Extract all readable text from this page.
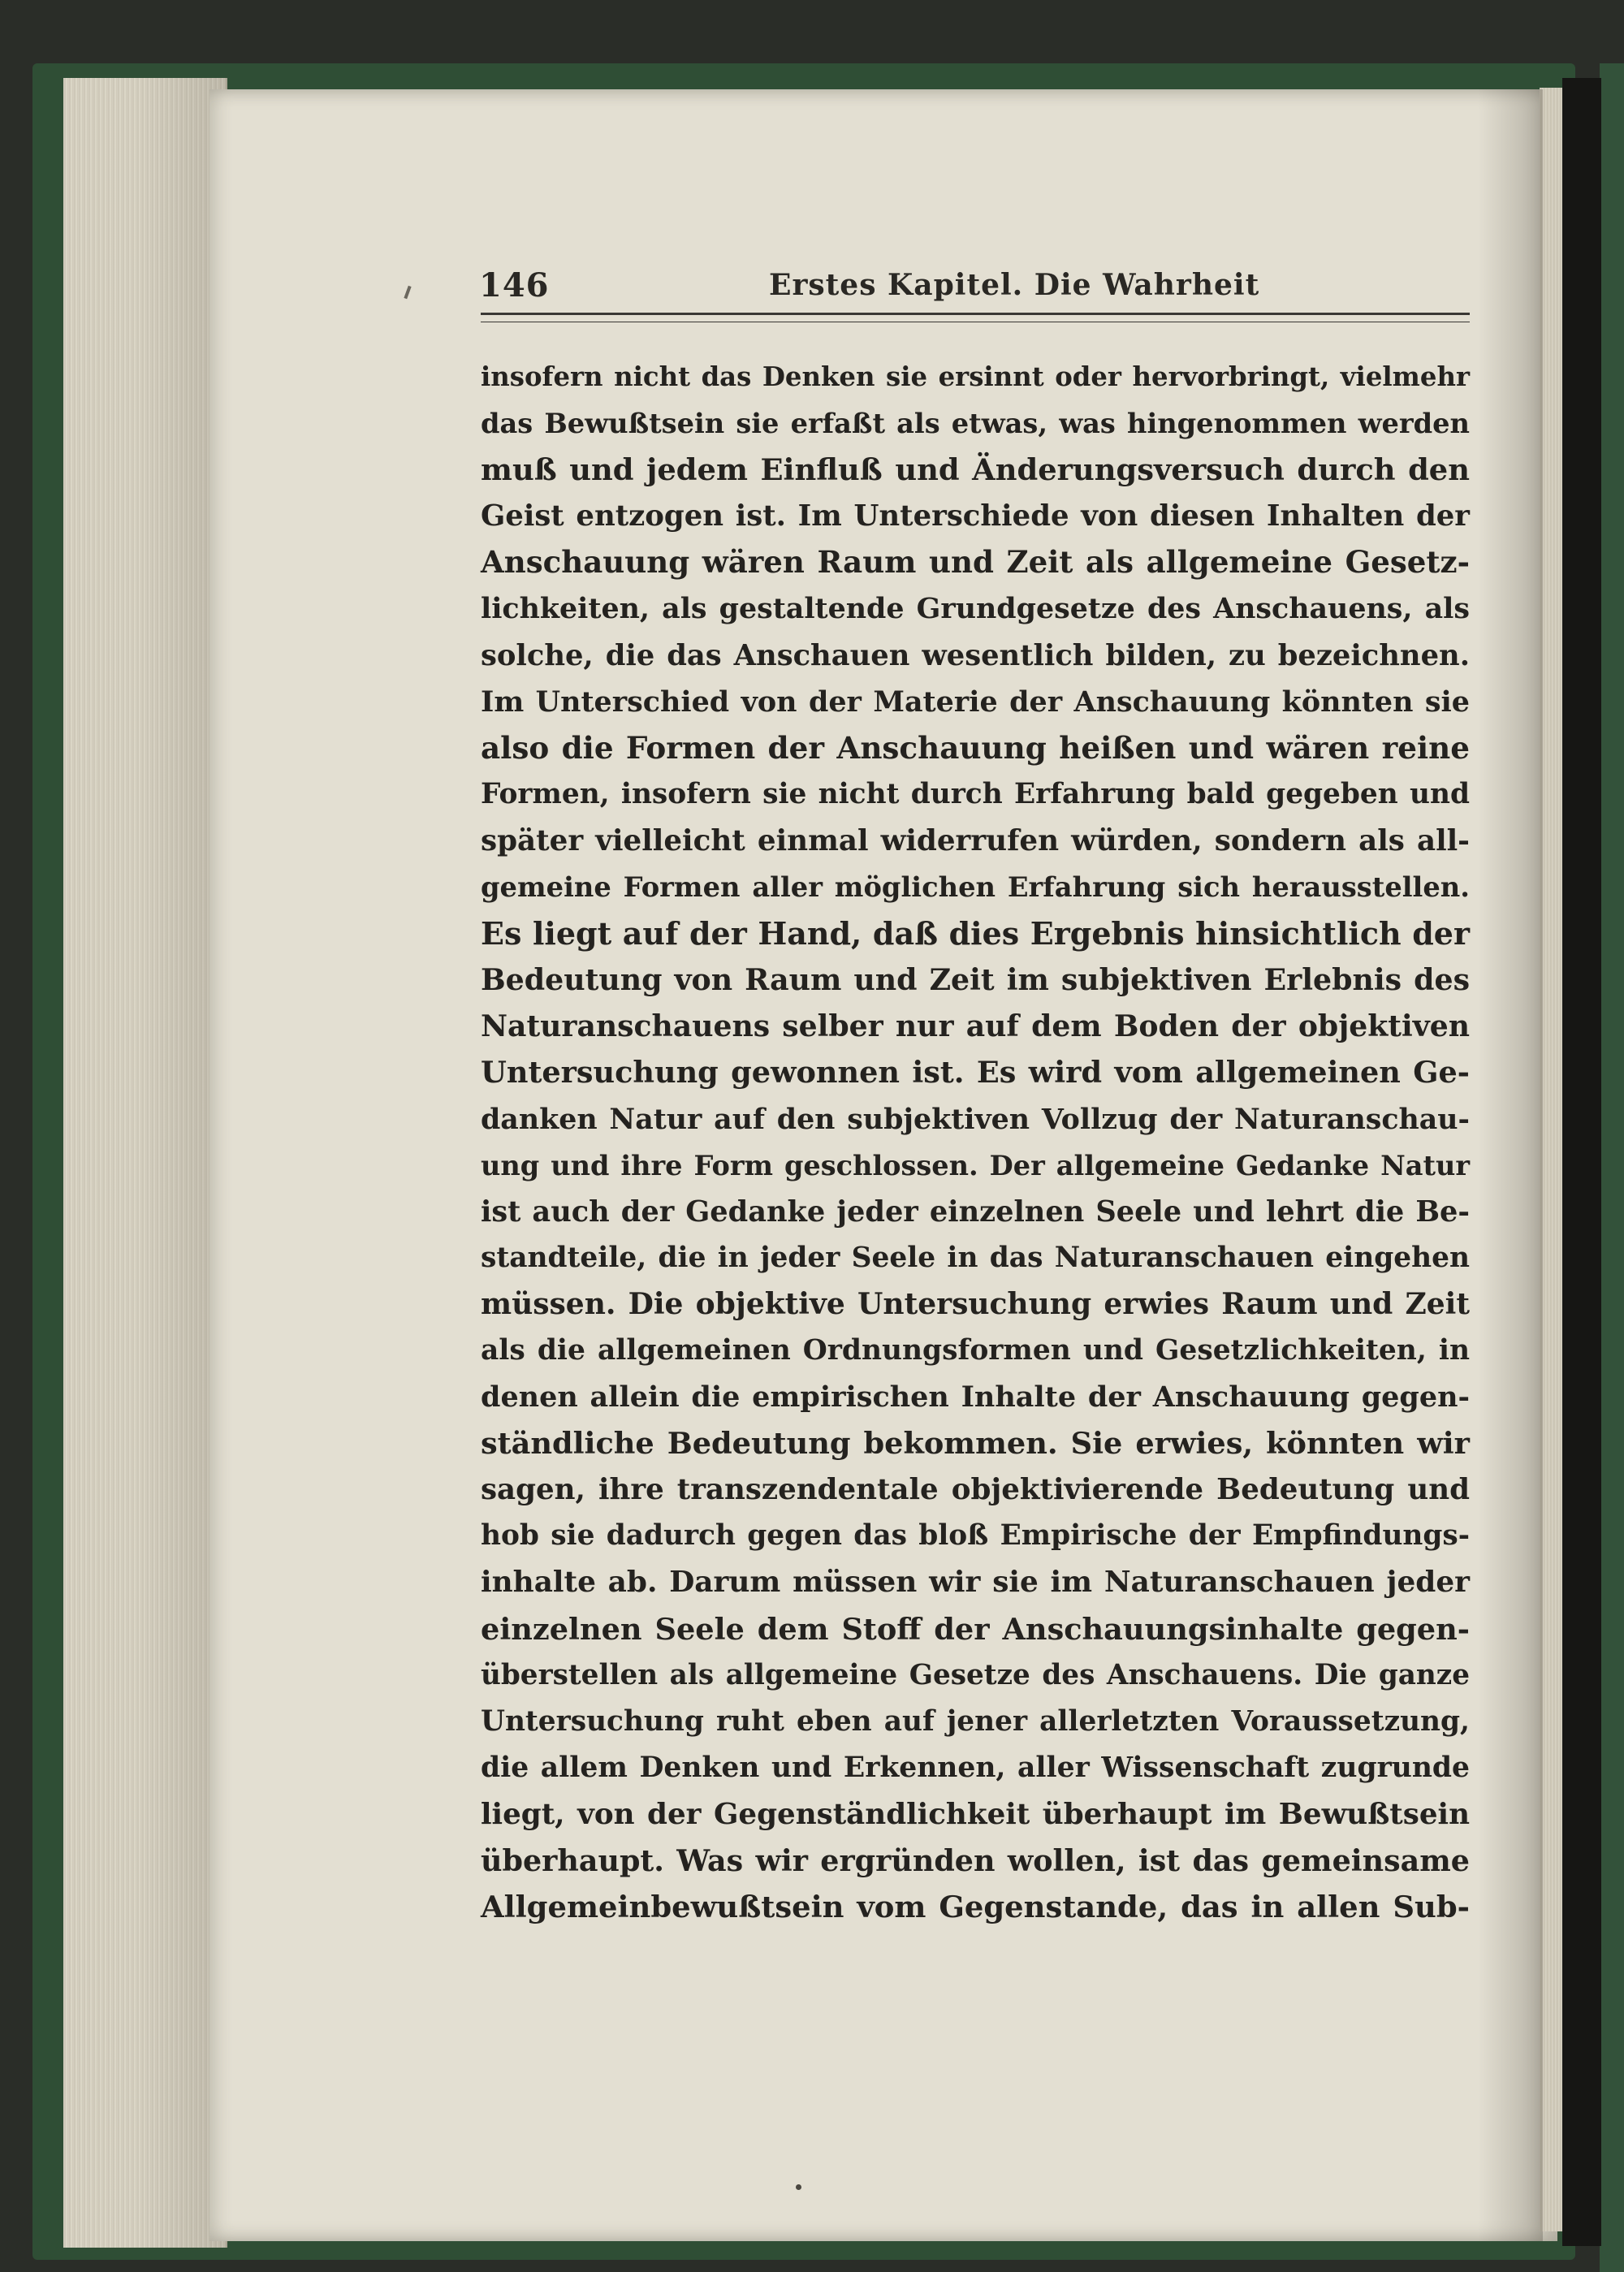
146	Erstes Kapitel. Die Wahrheit
insofern nicht das Denken sie ersinnt oder hervorbringt, vielmehr
das Bewußtsein sie erfaßt als etwas, was hingenommen werden
muß und jedem Einfluß und Änderungsversuch durch den
Geist entzogen ist. Im Unterschiede von diesen Inhalten der
Anschauung wären Raum und Zeit als allgemeine Gesetz-
lichkeiten, als gestaltende Grundgesetze des Anschauens, als
solche, die das Anschauen wesentlich bilden, zu bezeichnen.
Im Unterschied von der Materie der Anschauung könnten sie
also die Formen der Anschauung heißen und wären reine
Formen, insofern sie nicht durch Erfahrung bald gegeben und
später vielleicht einmal widerrufen würden, sondern als all-
gemeine Formen aller möglichen Erfahrung sich herausstellen.
Es liegt auf der Hand, daß dies Ergebnis hinsichtlich der
Bedeutung von Raum und Zeit im subjektiven Erlebnis des
Naturanschauens selber nur auf dem Boden der objektiven
Untersuchung gewonnen ist. Es wird vom allgemeinen Ge-
danken Natur auf den subjektiven Vollzug der Naturanschau-
ung und ihre Form geschlossen. Der allgemeine Gedanke Natur
ist auch der Gedanke jeder einzelnen Seele und lehrt die Be-
standteile, die in jeder Seele in das Naturanschauen eingehen
müssen. Die objektive Untersuchung erwies Raum und Zeit
als die allgemeinen Ordnungsformen und Gesetzlichkeiten, in
denen allein die empirischen Inhalte der Anschauung gegen-
ständliche Bedeutung bekommen. Sie erwies, könnten wir
sagen, ihre transzendentale objektivierende Bedeutung und
hob sie dadurch gegen das bloß Empirische der Empfindungs-
inhalte ab. Darum müssen wir sie im Naturanschauen jeder
einzelnen Seele dem Stoff der Anschauungsinhalte gegen-
überstellen als allgemeine Gesetze des Anschauens. Die ganze
Untersuchung ruht eben auf jener allerletzten Voraussetzung,
die allem Denken und Erkennen, aller Wissenschaft zugrunde
liegt, von der Gegenständlichkeit überhaupt im Bewußtsein
überhaupt. Was wir ergründen wollen, ist das gemeinsame
Allgemeinbewußtsein vom Gegenstande, das in allen Sub-
